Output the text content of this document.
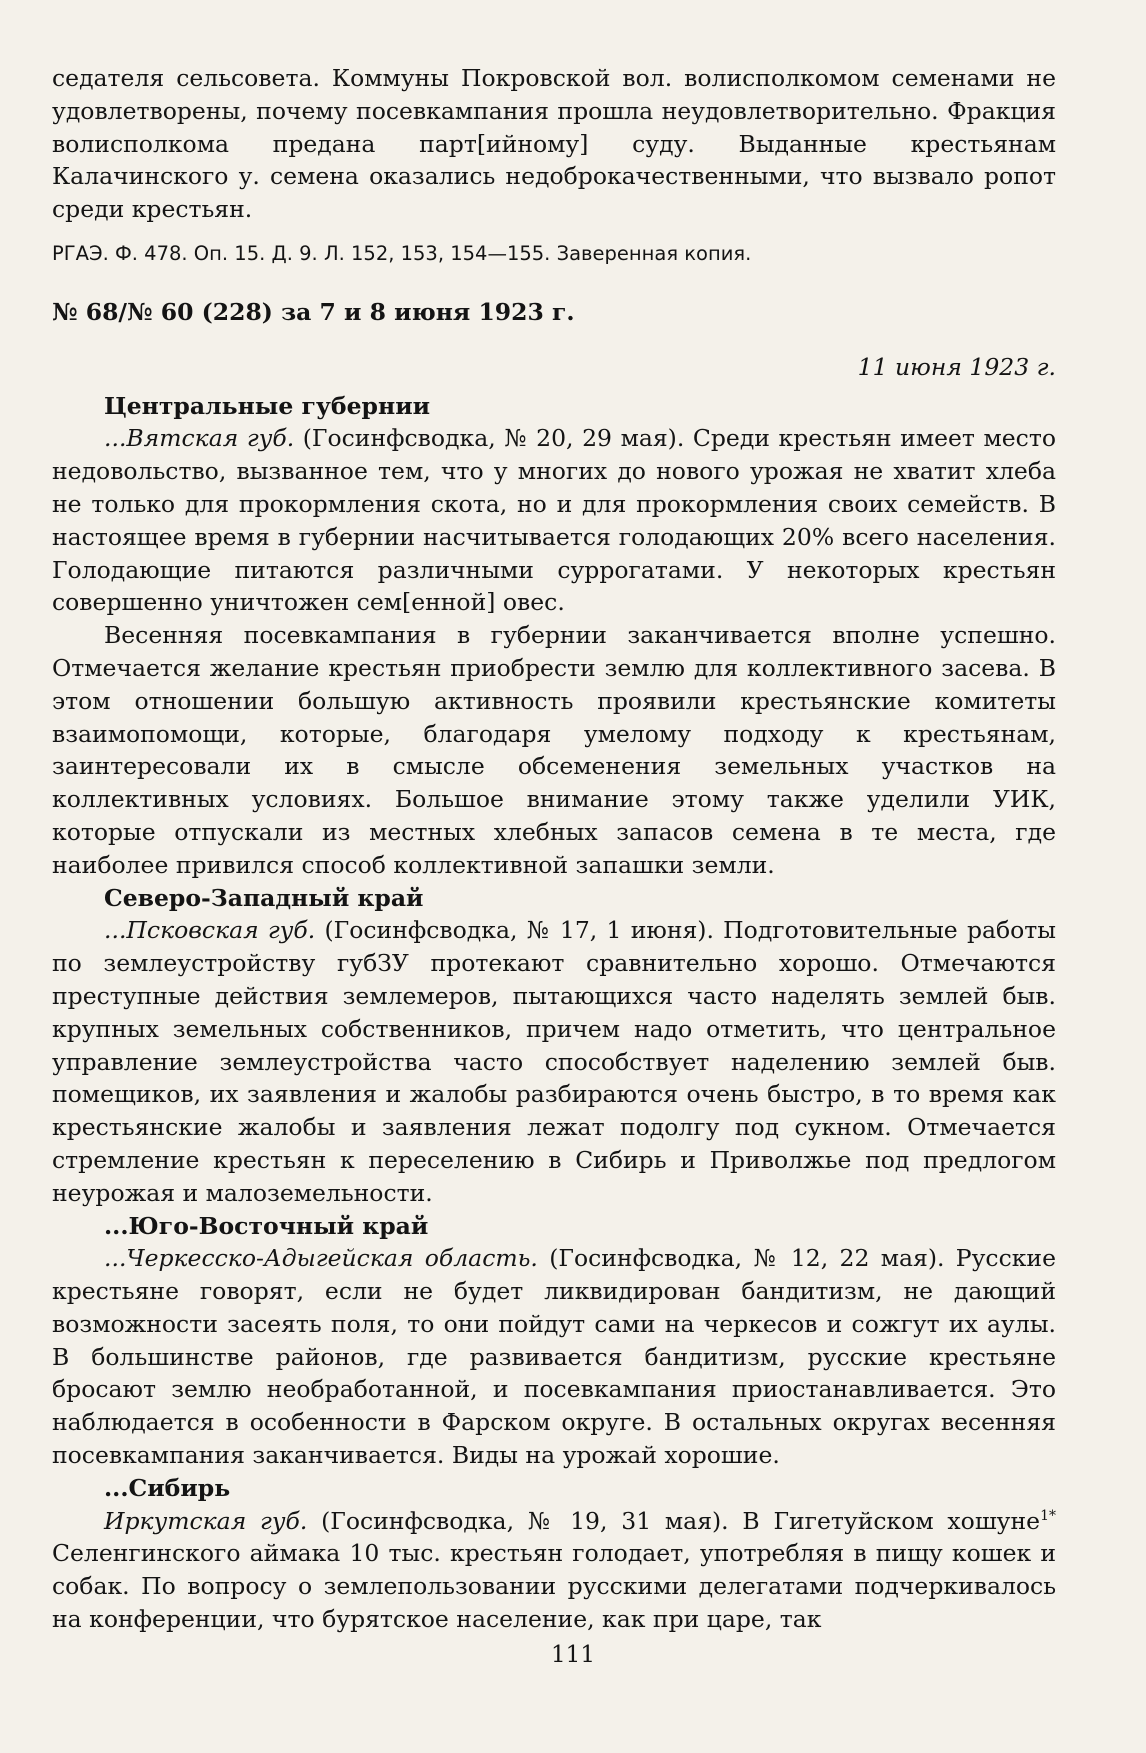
седателя сельсовета. Коммуны Покровской вол. волисполкомом семенами не удовлетворены, почему посевкампания прошла неудовлетворительно. Фракция волисполкома предана парт[ийному] суду. Выданные крестьянам Калачинского у. семена оказались недоброкачественными, что вызвало ропот среди крестьян.

РГАЭ. Ф. 478. Оп. 15. Д. 9. Л. 152, 153, 154—155. Заверенная копия.

№ 68/№ 60 (228) за 7 и 8 июня 1923 г.

11 июня 1923 г.

Центральные губернии

...Вятская губ. (Госинфсводка, № 20, 29 мая). Среди крестьян имеет место недовольство, вызванное тем, что у многих до нового урожая не хватит хлеба не только для прокормления скота, но и для прокормления своих семейств. В настоящее время в губернии насчитывается голодающих 20% всего населения. Голодающие питаются различными суррогатами. У некоторых крестьян совершенно уничтожен сем[енной] овес.

Весенняя посевкампания в губернии заканчивается вполне успешно. Отмечается желание крестьян приобрести землю для коллективного засева. В этом отношении большую активность проявили крестьянские комитеты взаимопомощи, которые, благодаря умелому подходу к крестьянам, заинтересовали их в смысле обсеменения земельных участков на коллективных условиях. Большое внимание этому также уделили УИК, которые отпускали из местных хлебных запасов семена в те места, где наиболее привился способ коллективной запашки земли.

Северо-Западный край

...Псковская губ. (Госинфсводка, № 17, 1 июня). Подготовительные работы по землеустройству губЗУ протекают сравнительно хорошо. Отмечаются преступные действия землемеров, пытающихся часто наделять землей быв. крупных земельных собственников, причем надо отметить, что центральное управление землеустройства часто способствует наделению землей быв. помещиков, их заявления и жалобы разбираются очень быстро, в то время как крестьянские жалобы и заявления лежат подолгу под сукном. Отмечается стремление крестьян к переселению в Сибирь и Приволжье под предлогом неурожая и малоземельности.

...Юго-Восточный край

...Черкесско-Адыгейская область. (Госинфсводка, № 12, 22 мая). Русские крестьяне говорят, если не будет ликвидирован бандитизм, не дающий возможности засеять поля, то они пойдут сами на черкесов и сожгут их аулы. В большинстве районов, где развивается бандитизм, русские крестьяне бросают землю необработанной, и посевкампания приостанавливается. Это наблюдается в особенности в Фарском округе. В остальных округах весенняя посевкампания заканчивается. Виды на урожай хорошие.

...Сибирь

Иркутская губ. (Госинфсводка, № 19, 31 мая). В Гигетуйском хошуне$^{1*}$ Селенгинского аймака 10 тыс. крестьян голодает, употребляя в пищу кошек и собак. По вопросу о землепользовании русскими делегатами подчеркивалось на конференции, что бурятское население, как при царе, так

111
